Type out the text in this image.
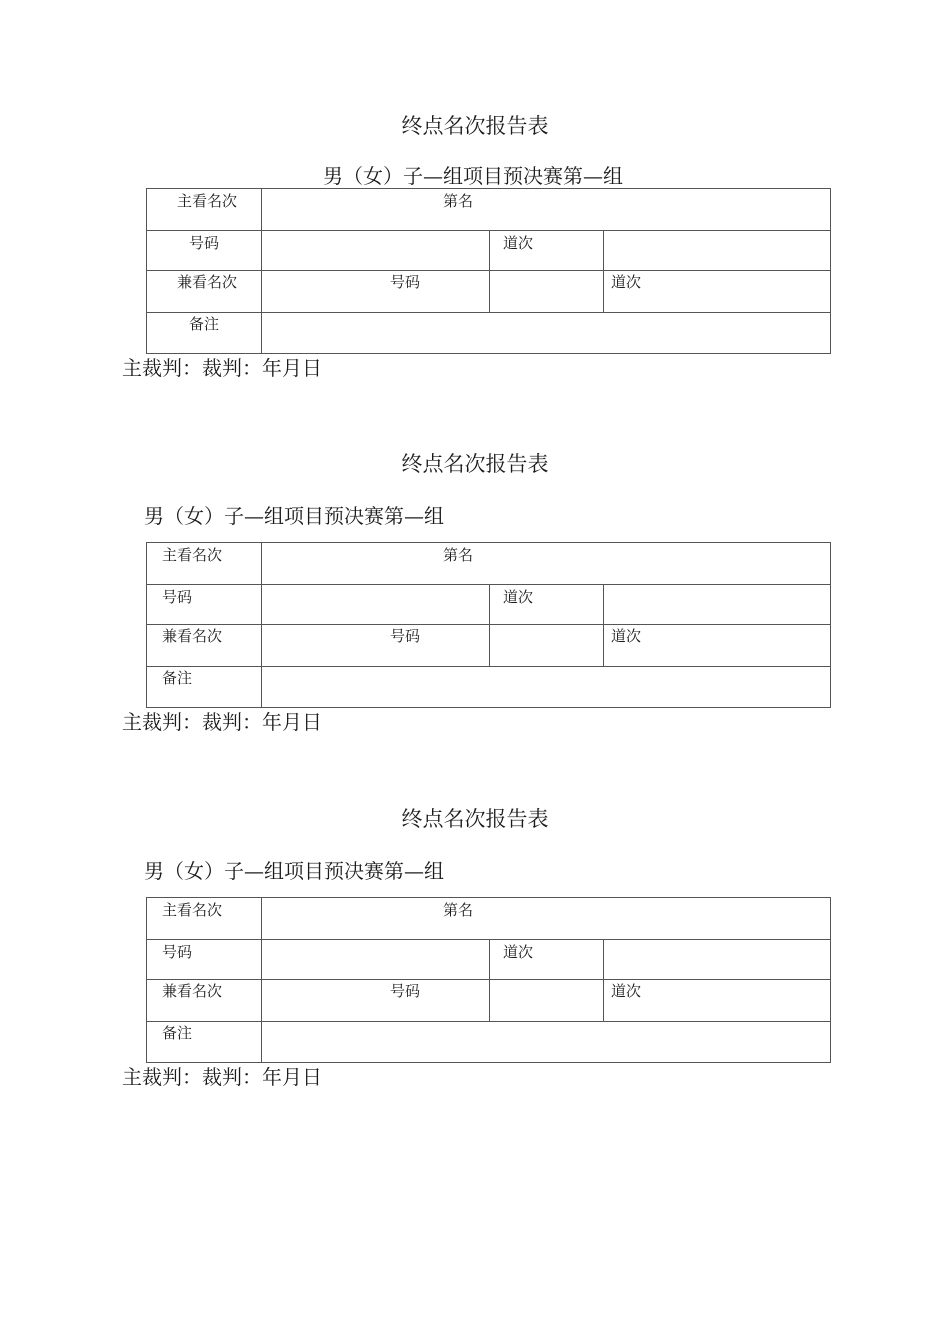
终点名次报告表
男（女）子—组项目预决赛第—组
主看名次	第名
号码	道次
兼看名次	号码	道次
备注
主裁判：裁判：年月日
终点名次报告表
男（女）子—组项目预决赛第—组
主看名次	第名
号码	道次
兼看名次	号码	道次
备注
主裁判：裁判：年月日
终点名次报告表
男（女）子—组项目预决赛第—组
主看名次	第名
号码	道次
兼看名次	号码	道次
备注
主裁判：裁判：年月日
